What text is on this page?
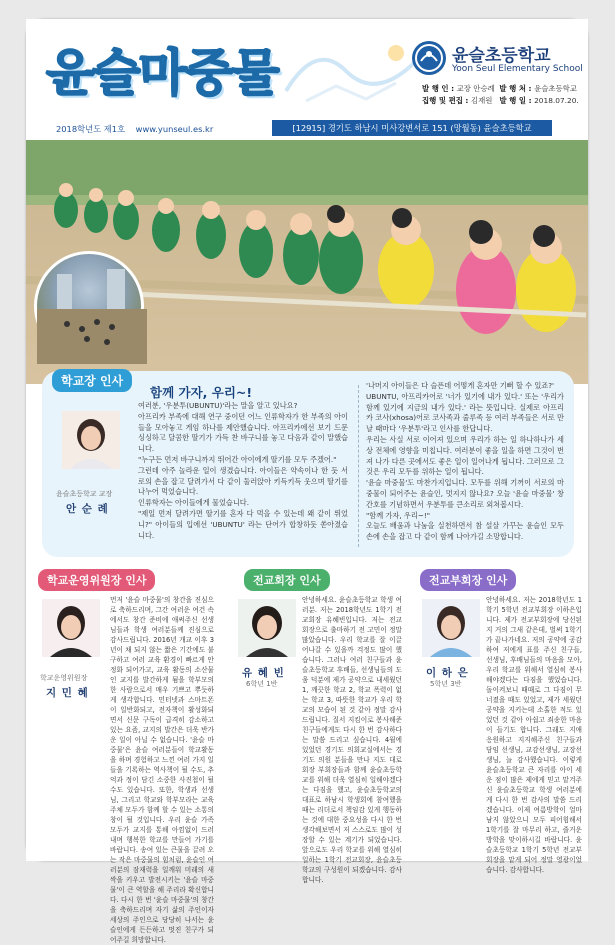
윤슬마중물	윤슬초등학교
Yoon Seul Elementary School
발 행 인 : 교장 안승례 발 행 처 : 윤슬초등학교
집행 및 편집 : 김재원 발 행 일 : 2018.07.20.
2018학년도 제1호 www.yunseul.es.kr	[12915] 경기도 하남시 미사강변서로 151 (망월동) 윤슬초등학교
학교장 인사
윤슬초등학교 교장
안 순 례
함께 가자, 우리~!

여러분, '우분투(UBUNTU)'라는 말을 알고 있나요?

아프리카 부족에 대해 연구 중이던 어느 인류학자가 한 부족의 아이들을 모아놓고 게임 하나를 제안했습니다. 아프리카에선 보기 드문 싱싱하고 달콤한 딸기가 가득 찬 바구니를 놓고 다음과 같이 말했습니다.

"누구든 먼저 바구니까지 뛰어간 아이에게 딸기를 모두 주겠어."

그런데 아주 놀라운 일이 생겼습니다. 아이들은 약속이나 한 듯 서로의 손을 잡고 달려가서 다 같이 둘러앉아 키득키득 웃으며 딸기를 나누어 먹었습니다.

인류학자는 아이들에게 물었습니다.

"제일 먼저 달려가면 딸기를 혼자 다 먹을 수 있는데 왜 같이 뛰었니?" 아이들의 입에선 'UBUNTU' 라는 단어가 합창하듯 쏟아졌습니다.

'나머지 아이들은 다 슬픈데 어떻게 혼자만 기뻐 할 수 있죠?'

UBUNTU, 아프리카어로 '너가 있기에 내가 있다.' 또는 '우리가 함께 있기에 지금의 내가 있다.' 라는 뜻입니다. 실제로 아프리카 코사(xhosa)어로 코사족과 줄루족 등 여러 부족들은 서로 만날 때마다 '우분투'라고 인사를 한답니다.

우리는 사실 서로 이어져 있으며 우리가 하는 일 하나하나가 세상 전체에 영향을 미칩니다. 여러분이 좋을 일을 하면 그것이 번져 나가 다른 곳에서도 좋은 일이 일어나게 됩니다. 그러므로 그것은 우리 모두를 위하는 일이 됩니다.

'윤슬 마중물'도 마찬가지입니다. 모두를 위해 기꺼이 서로의 마중물이 되어주는 윤슬인, 멋지지 않나요? 오늘 '윤슬 마중물' 창간호를 기념하면서 우분투를 큰소리로 외쳐봅시다.

"함께 가자, 우리~!"

오늘도 배움과 나눔을 실천하면서 참 설살 가꾸는 윤슬인 모두 손에 손을 잡고 다 같이 함께 나아가길 소망합니다.

학교운영위원장 인사
학교운영위원장
지 민 혜
먼저 '윤슬 마중물'의 창간을 진심으로 축하드리며, 그간 여러운 여건 속에서도 창간 준비에 애써주신 선생님들과 학생 여러분들께 진심으로 감사드립니다. 2016년 개교 이후 3년이 채 되지 않는 짧은 기간에도 불구하고 여러 교육 환경이 빠르게 안정화 되어가고, 교육 활동의 소산물인 교지를 발간하게 됨을 학부모의 한 사람으로서 매우 기쁘고 뿌듯하게 생각합니다. 민터넷과 스마트폰이 일반화되고, 전자책이 활성화되면서 신문 구독이 급격히 감소하고 있는 요즘, 교지의 발간은 더욱 반가운 일이 아닐 수 없습니다. '윤슬 마중물'은 윤슬 여러분들이 학교활동을 하며 경험하고 느낀 여러 가지 일들을 기록하는 역사책이 될 수도, 추억과 정이 담긴 소중한 사진첩이 될 수도 있습니다. 또한, 학생과 선생님, 그리고 학교와 학부모라는 교육 주체 모두가 함께 할 수 있는 소통의 창이 될 것입니다. 우리 윤슬 가족 모두가 교지를 통해 아낌없이 드러내며 행복한 학교를 만들어 가기를 바랍니다. 송여 있는 큰물을 끌려 오는 작은 마중물의 힘처럼, 윤슬인 여러분의 잠재력을 일깨워 미래의 새싹을 키우고 발전시키는 '윤슬 마중물'이 큰 역할을 해 주리라 확신합니다. 다시 한 번 '윤슬 마중물'의 창간을 축하드리며 자기 삶의 주인이자 세상의 주인으로 당당히 나서는 윤슬인에게 든든하고 멋진 친구가 되어주길 희망합니다.
전교회장 인사
유 혜 빈
6학년 1반
안녕하세요. 윤슬초등학교 학생 여러분. 저는 2018학년도 1학기 전교회장 유혜빈입니다. 저는 전교 회장으로 출마하기 전 고민이 정말 많았습니다. 우리 학교를 잘 이끌어나갈 수 있을까 걱정도 많이 했습니다. 그러나 여러 친구들과 윤슬초등학교 후배들, 선생님들의 도움 덕분에 제가 공약으로 내세웠던 1, 깨끗한 학교 2, 학교 폭력이 없는 학교 3, 따뜻한 학교가 우리 학교의 모습이 된 것 같아 정말 감사드립니다. 질서 지킴이로 봉사해준 친구들에게도 다시 한 번 감사하다는 말씀 드리고 싶습니다. 4월에 있었던 경기도 의회교실에서는 경기도 의원 분들을 만나 지도 대로 회장 부회장들과 함께 윤슬초등학교를 위해 더욱 열심히 일해야겠다는 다짐을 했고, 윤슬초등학교의 대표로 하남시 학생회에 참여했을 때는 리더로서 책임감 있게 행동하는 것에 대한 중요성을 다시 한 번 생각해보면서 저 스스로도 많이 성장할 수 있는 계기가 되었습니다. 앞으로도 우리 학교를 위해 열심히 일하는 1학기 전교회장, 윤슬초등학교의 구성원이 되겠습니다. 감사합니다.
전교부회장 인사
이 하 은
5학년 3반
안녕하세요. 저는 2018학년도 1학기 5학년 전교부회장 이하은입니다. 제가 전교부회장에 당선된지 거의 그새 같은데, 벌써 1학기가 끝나가네요. 저의 공약에 공감하여 저에게 표를 주신 친구들, 선생님, 후배님들의 마음을 모아, 우리 학교를 위해서 열심히 봉사해야겠다는 다짐을 했었습니다. 돌이켜보니 때때로 그 다짐이 무너졌을 때도 있었고, 제가 세웠던 공약을 지키는데 소홀한 적도 있었던 것 같아 아쉽고 죄송한 마음이 들기도 합니다. 그래도 지애 응원하고 지지해주신 친구들과 담임 선생님, 교감선생님, 교장선생님, 늘 감사했습니다. 이렇게 윤슬초등학교 큰 자리를 아이 세운 점이 많은 제에게 믿고 맡겨주신 윤슬초등학교 학생 여러분에게 다시 한 번 감사의 말씀 드리겠습니다. 이제 여름방학이 얼마 남지 않았으니 모두 피어힘해서 1학기를 잘 마무리 하고, 즐거운 방학을 맞이하시길 바랍니다. 윤슬초등학교 1학기 5학년 전교부회장을 맡게 되어 정말 영광이었습니다. 감사합니다.
